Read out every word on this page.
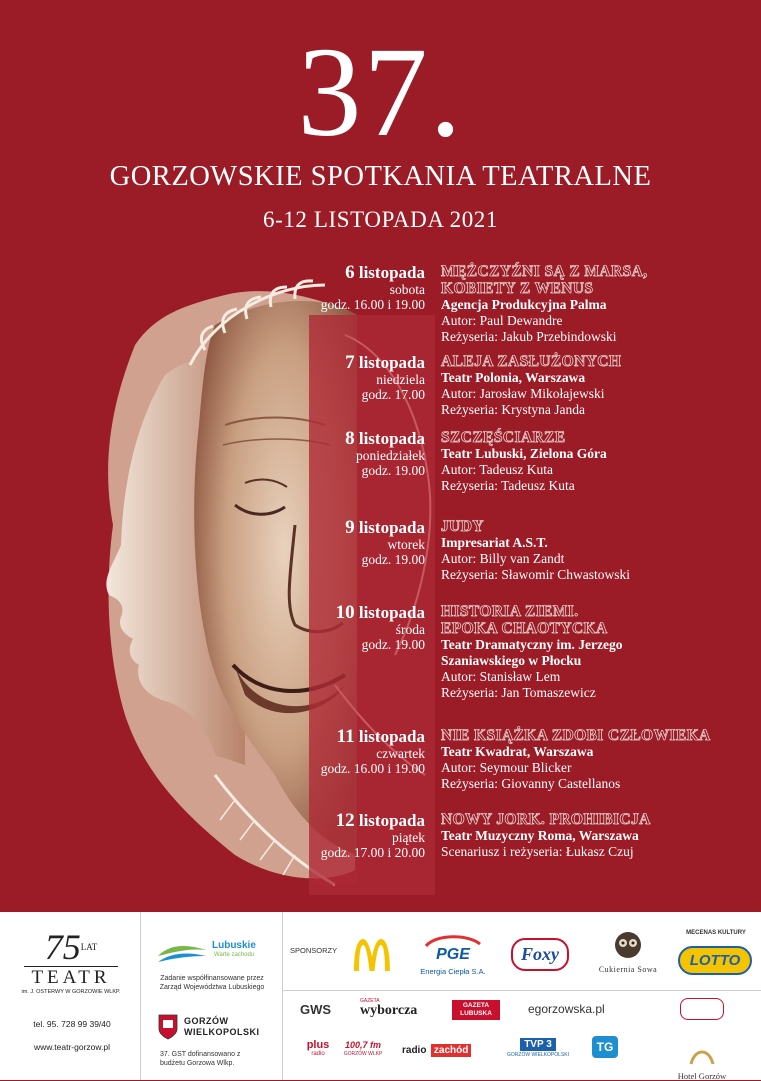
37.
GORZOWSKIE SPOTKANIA TEATRALNE
6-12 LISTOPADA 2021
6 listopada
sobota
godz. 16.00 i 19.00
MĘŻCZYŹNI SĄ Z MARSA,
KOBIETY Z WENUS
Agencja Produkcyjna Palma
Autor: Paul Dewandre
Reżyseria: Jakub Przebindowski
7 listopada
niedziela
godz. 17.00
ALEJA ZASŁUŻONYCH
Teatr Polonia, Warszawa
Autor: Jarosław Mikołajewski
Reżyseria: Krystyna Janda
8 listopada
poniedziałek
godz. 19.00
SZCZĘŚCIARZE
Teatr Lubuski, Zielona Góra
Autor: Tadeusz Kuta
Reżyseria: Tadeusz Kuta
9 listopada
wtorek
godz. 19.00
JUDY
Impresariat A.S.T.
Autor: Billy van Zandt
Reżyseria: Sławomir Chwastowski
10 listopada
środa
godz. 19.00
HISTORIA ZIEMI.
EPOKA CHAOTYCKA
Teatr Dramatyczny im. Jerzego
Szaniawskiego w Płocku
Autor: Stanisław Lem
Reżyseria: Jan Tomaszewicz
11 listopada
czwartek
godz. 16.00 i 19.00
NIE KSIĄŻKA ZDOBI CZŁOWIEKA
Teatr Kwadrat, Warszawa
Autor: Seymour Blicker
Reżyseria: Giovanny Castellanos
12 listopada
piątek
godz. 17.00 i 20.00
NOWY JORK. PROHIBICJA
Teatr Muzyczny Roma, Warszawa
Scenariusz i reżyseria: Łukasz Czuj
75LAT
TEATR
im. J. OSTERWY W GORZOWIE WLKP.
tel. 95. 728 99 39/40
www.teatr-gorzow.pl
Lubuskie
Warte zachodu
Zadanie współfinansowane przez Zarząd Województwa Lubuskiego
GORZÓW
WIELKOPOLSKI
37. GST dofinansowano z budżetu Gorzowa Wlkp.
SPONSORZY	PGE
Energia Ciepła S.A.
Foxy
Cukiernia Sowa
MECENAS KULTURY
LOTTO
GWS
GAZETA
wyborcza	GAZETA LUBUSKA	egorzowska.pl
Hotel Gorzów
plus
radio
100,7 fm
GORZÓW WLKP	radio zachód
TVP 3
GORZÓW WIELKOPOLSKI
TG
